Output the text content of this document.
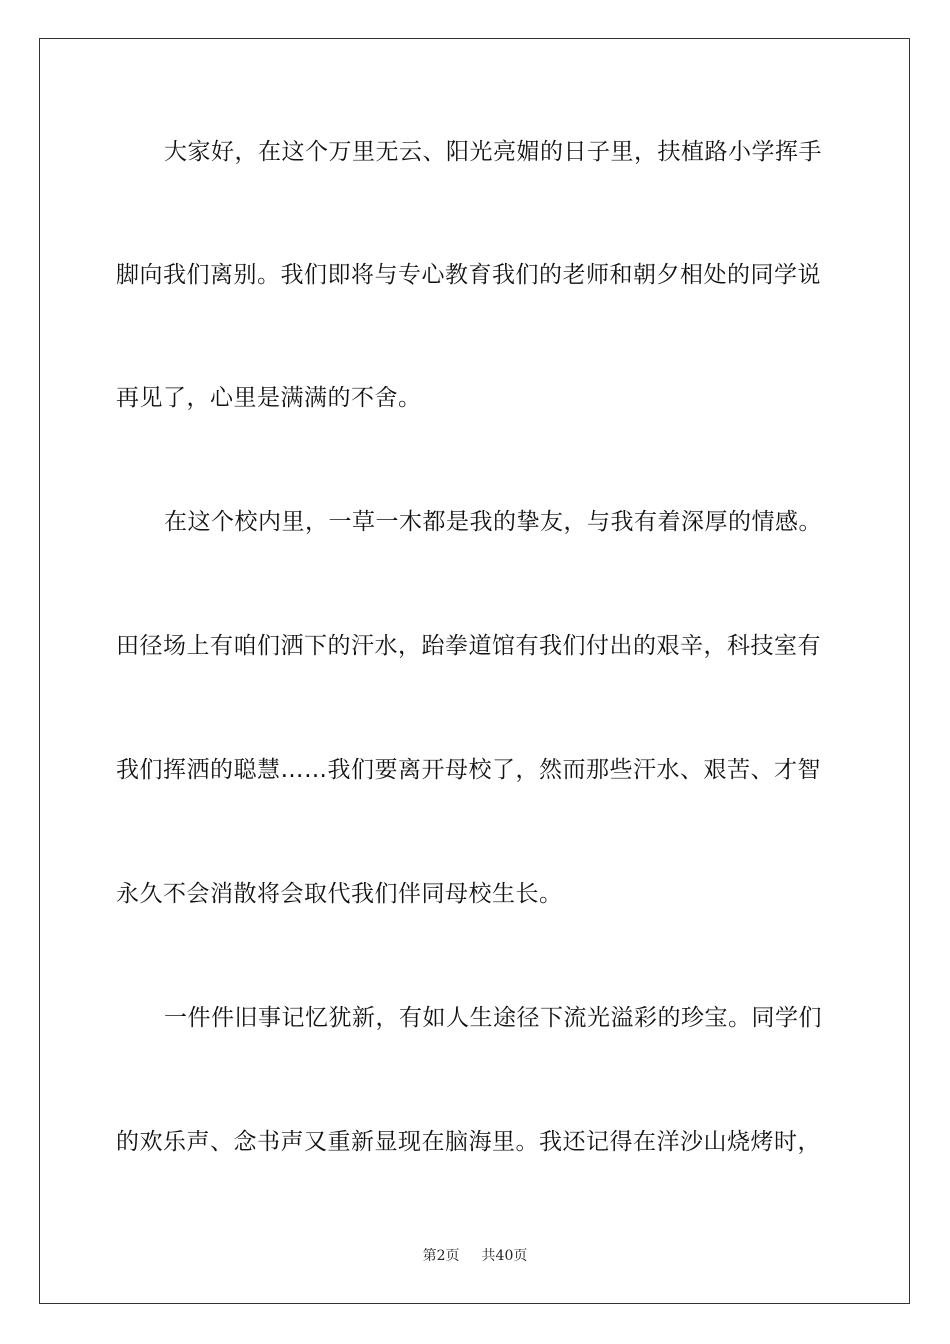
大家好，在这个万里无云、阳光亮媚的日子里，扶植路小学挥手
脚向我们离别。我们即将与专心教育我们的老师和朝夕相处的同学说
再见了，心里是满满的不舍。
在这个校内里，一草一木都是我的挚友，与我有着深厚的情感。
田径场上有咱们洒下的汗水，跆拳道馆有我们付出的艰辛，科技室有
我们挥洒的聪慧……我们要离开母校了，然而那些汗水、艰苦、才智
永久不会消散将会取代我们伴同母校生长。
一件件旧事记忆犹新，有如人生途径下流光溢彩的珍宝。同学们
的欢乐声、念书声又重新显现在脑海里。我还记得在洋沙山烧烤时，
第2页 共40页
